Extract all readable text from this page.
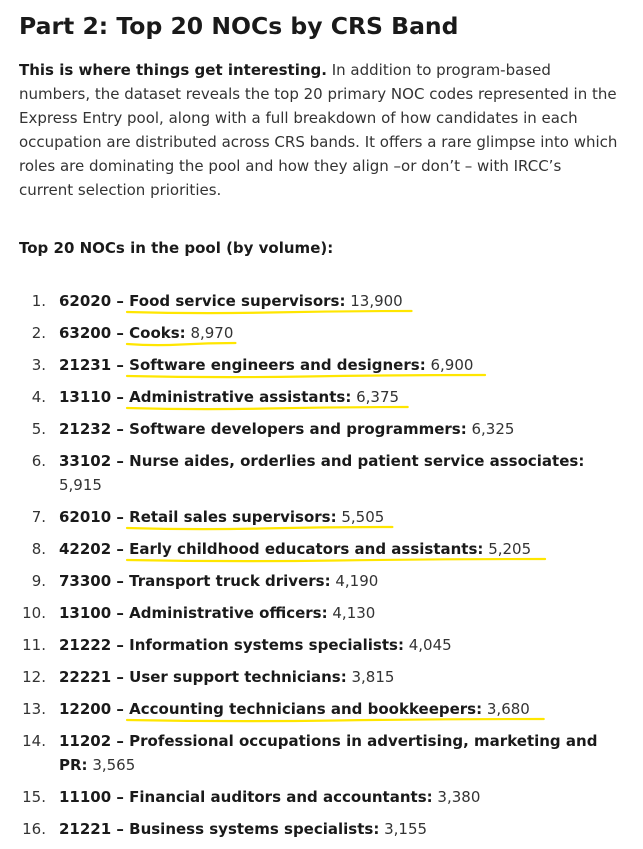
Part 2: Top 20 NOCs by CRS Band

This is where things get interesting. In addition to program-based numbers, the dataset reveals the top 20 primary NOC codes represented in the Express Entry pool, along with a full breakdown of how candidates in each occupation are distributed across CRS bands. It offers a rare glimpse into which roles are dominating the pool and how they align –or don’t – with IRCC’s current selection priorities.

Top 20 NOCs in the pool (by volume):

1. 62020 – Food service supervisors: 13,900
2. 63200 – Cooks: 8,970
3. 21231 – Software engineers and designers: 6,900
4. 13110 – Administrative assistants: 6,375
5. 21232 – Software developers and programmers: 6,325
6. 33102 – Nurse aides, orderlies and patient service associates: 5,915
7. 62010 – Retail sales supervisors: 5,505
8. 42202 – Early childhood educators and assistants: 5,205
9. 73300 – Transport truck drivers: 4,190
10. 13100 – Administrative officers: 4,130
11. 21222 – Information systems specialists: 4,045
12. 22221 – User support technicians: 3,815
13. 12200 – Accounting technicians and bookkeepers: 3,680
14. 11202 – Professional occupations in advertising, marketing and PR: 3,565
15. 11100 – Financial auditors and accountants: 3,380
16. 21221 – Business systems specialists: 3,155
